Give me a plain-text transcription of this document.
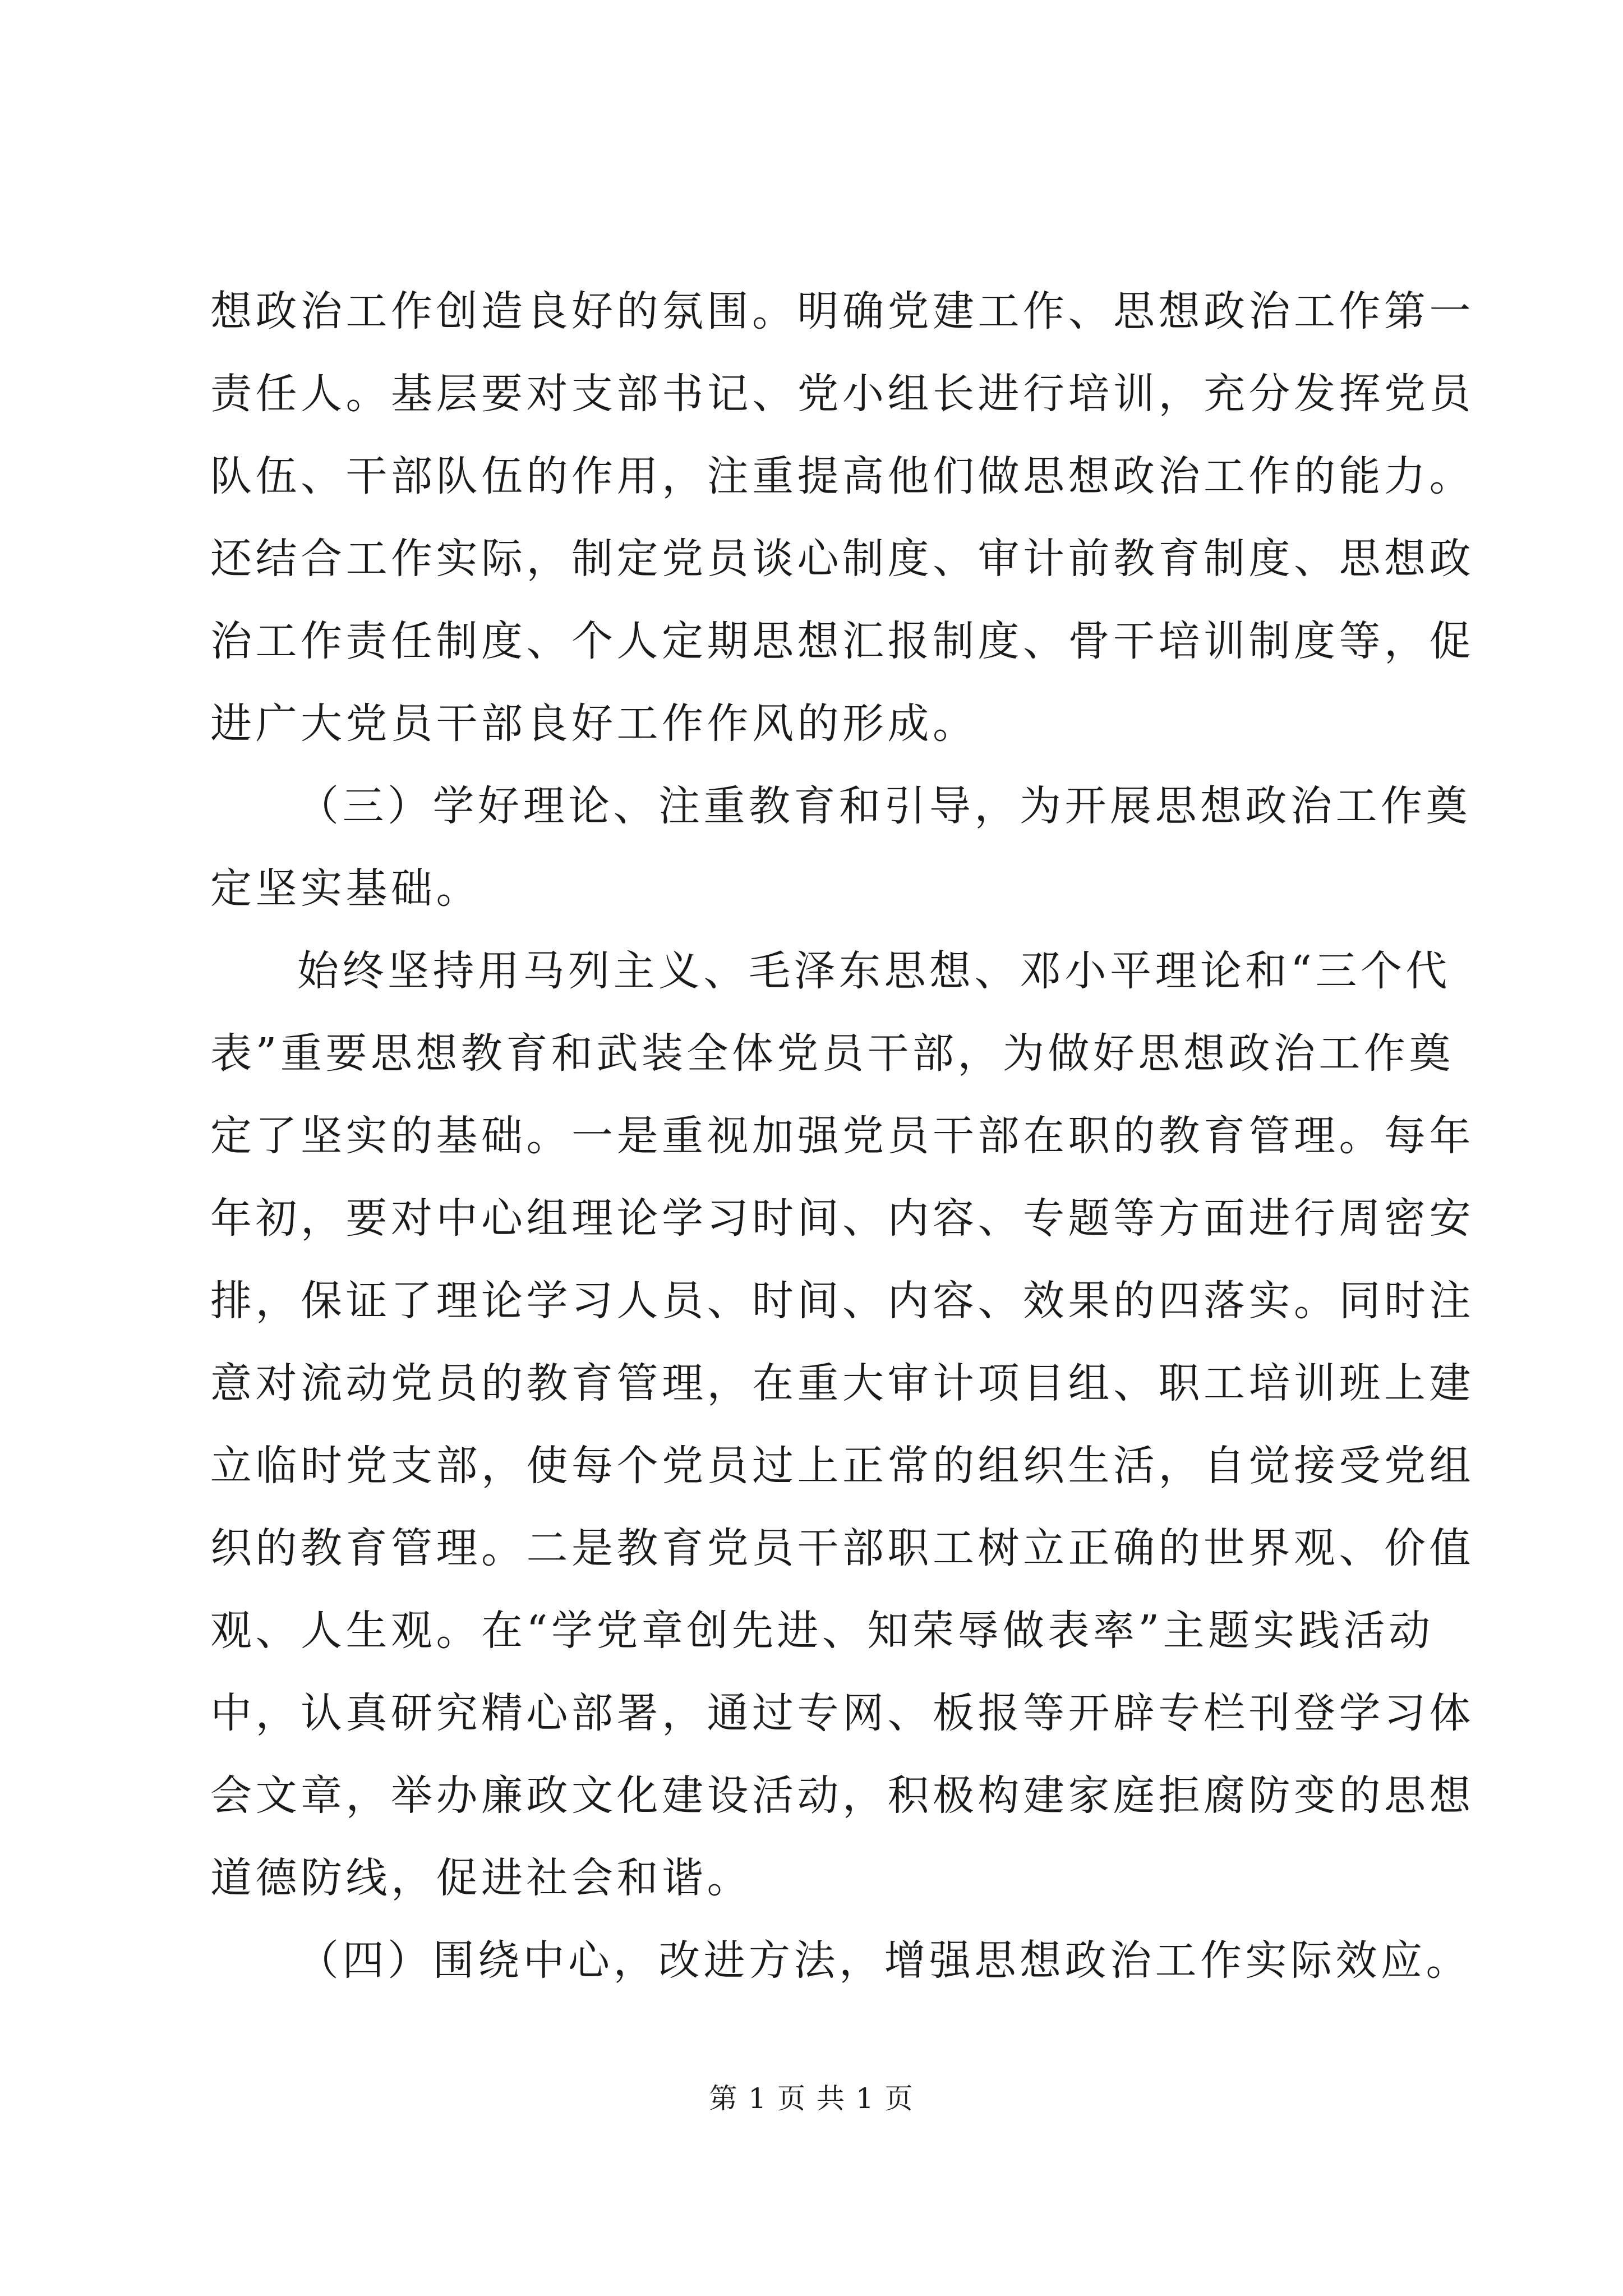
想政治工作创造良好的氛围。明确党建工作、思想政治工作第一
责任人。基层要对支部书记、党小组长进行培训，充分发挥党员
队伍、干部队伍的作用，注重提高他们做思想政治工作的能力。
还结合工作实际，制定党员谈心制度、审计前教育制度、思想政
治工作责任制度、个人定期思想汇报制度、骨干培训制度等，促
进广大党员干部良好工作作风的形成。
（三）学好理论、注重教育和引导，为开展思想政治工作奠
定坚实基础。
始终坚持用马列主义、毛泽东思想、邓小平理论和“三个代
表”重要思想教育和武装全体党员干部，为做好思想政治工作奠
定了坚实的基础。一是重视加强党员干部在职的教育管理。每年
年初，要对中心组理论学习时间、内容、专题等方面进行周密安
排，保证了理论学习人员、时间、内容、效果的四落实。同时注
意对流动党员的教育管理，在重大审计项目组、职工培训班上建
立临时党支部，使每个党员过上正常的组织生活，自觉接受党组
织的教育管理。二是教育党员干部职工树立正确的世界观、价值
观、人生观。在“学党章创先进、知荣辱做表率”主题实践活动
中，认真研究精心部署，通过专网、板报等开辟专栏刊登学习体
会文章，举办廉政文化建设活动，积极构建家庭拒腐防变的思想
道德防线，促进社会和谐。
（四）围绕中心，改进方法，增强思想政治工作实际效应。
第 1 页 共 1 页
